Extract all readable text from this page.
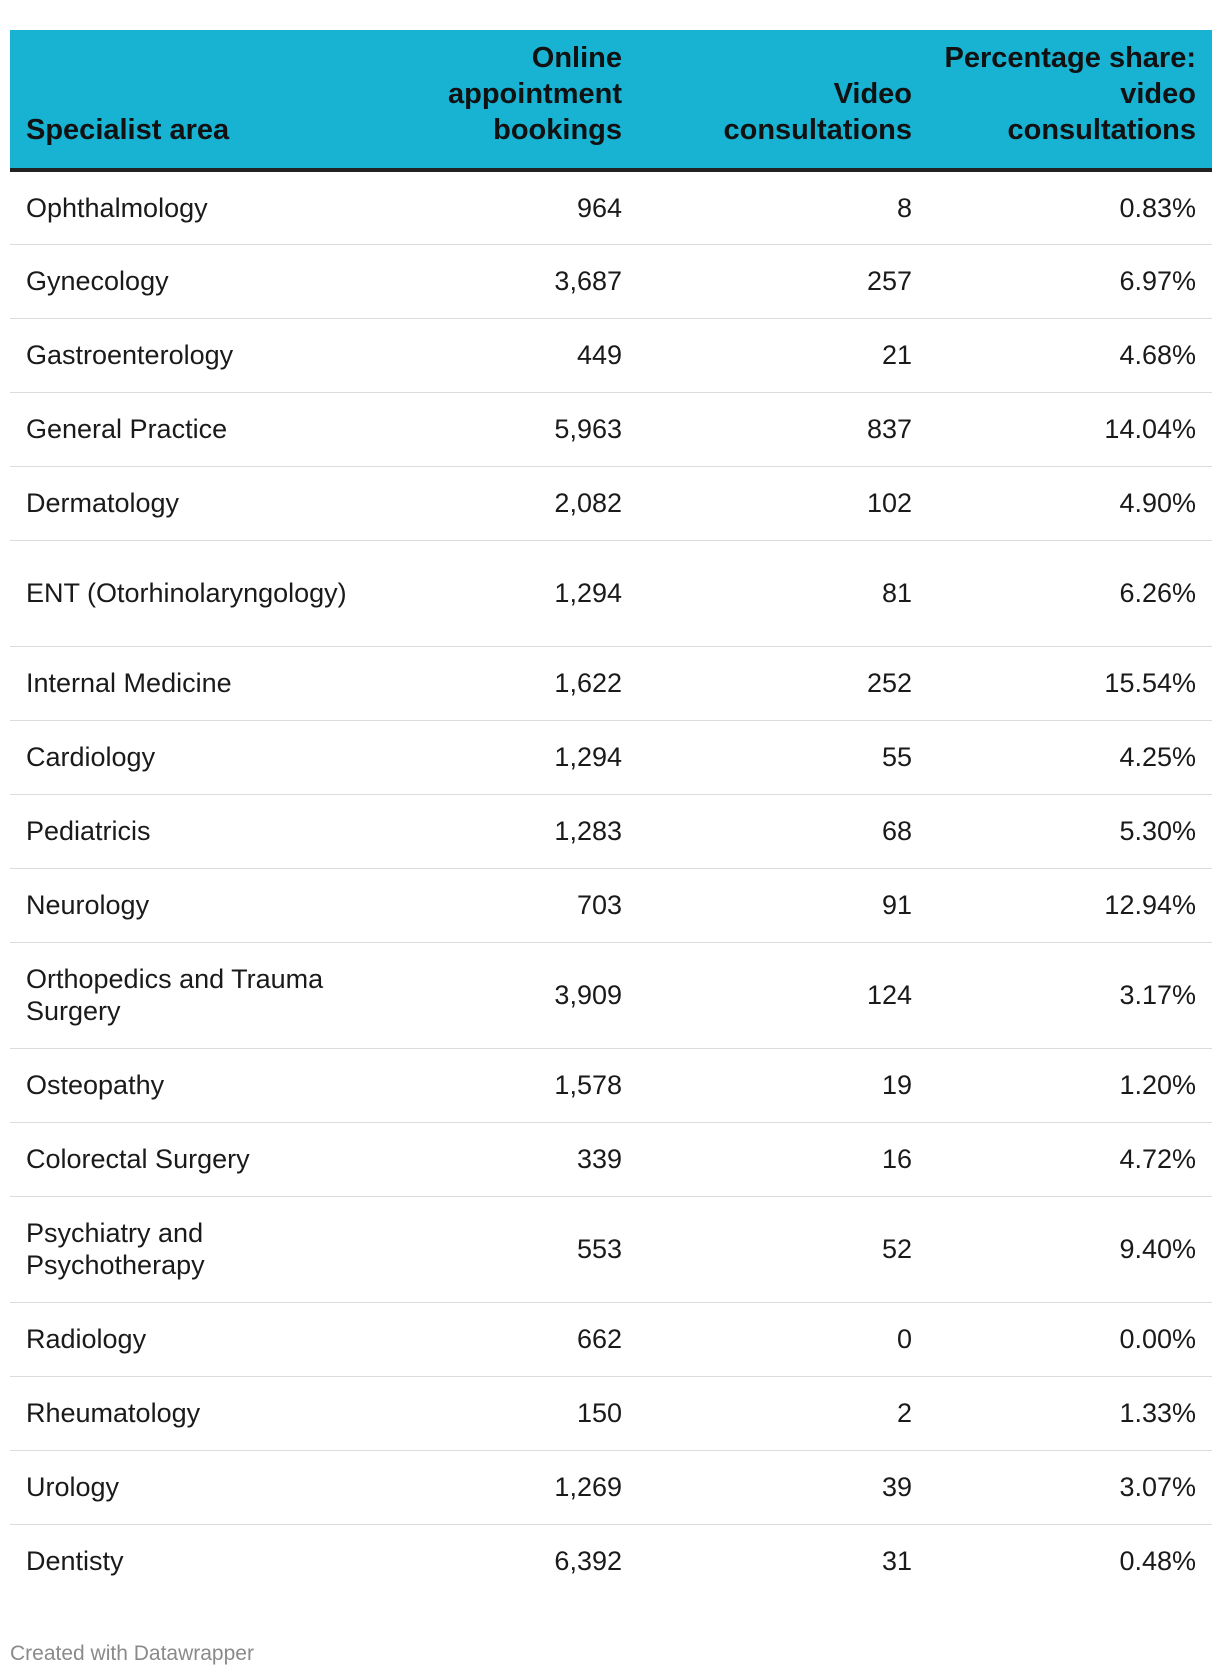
Specialist area	Online appointment bookings	Video consultations	Percentage share: video consultations
Ophthalmology	964	8	0.83%
Gynecology	3,687	257	6.97%
Gastroenterology	449	21	4.68%
General Practice	5,963	837	14.04%
Dermatology	2,082	102	4.90%
ENT (Otorhinolaryngology)	1,294	81	6.26%
Internal Medicine	1,622	252	15.54%
Cardiology	1,294	55	4.25%
Pediatricis	1,283	68	5.30%
Neurology	703	91	12.94%
Orthopedics and Trauma Surgery	3,909	124	3.17%
Osteopathy	1,578	19	1.20%
Colorectal Surgery	339	16	4.72%
Psychiatry and Psychotherapy	553	52	9.40%
Radiology	662	0	0.00%
Rheumatology	150	2	1.33%
Urology	1,269	39	3.07%
Dentisty	6,392	31	0.48%
Created with Datawrapper
